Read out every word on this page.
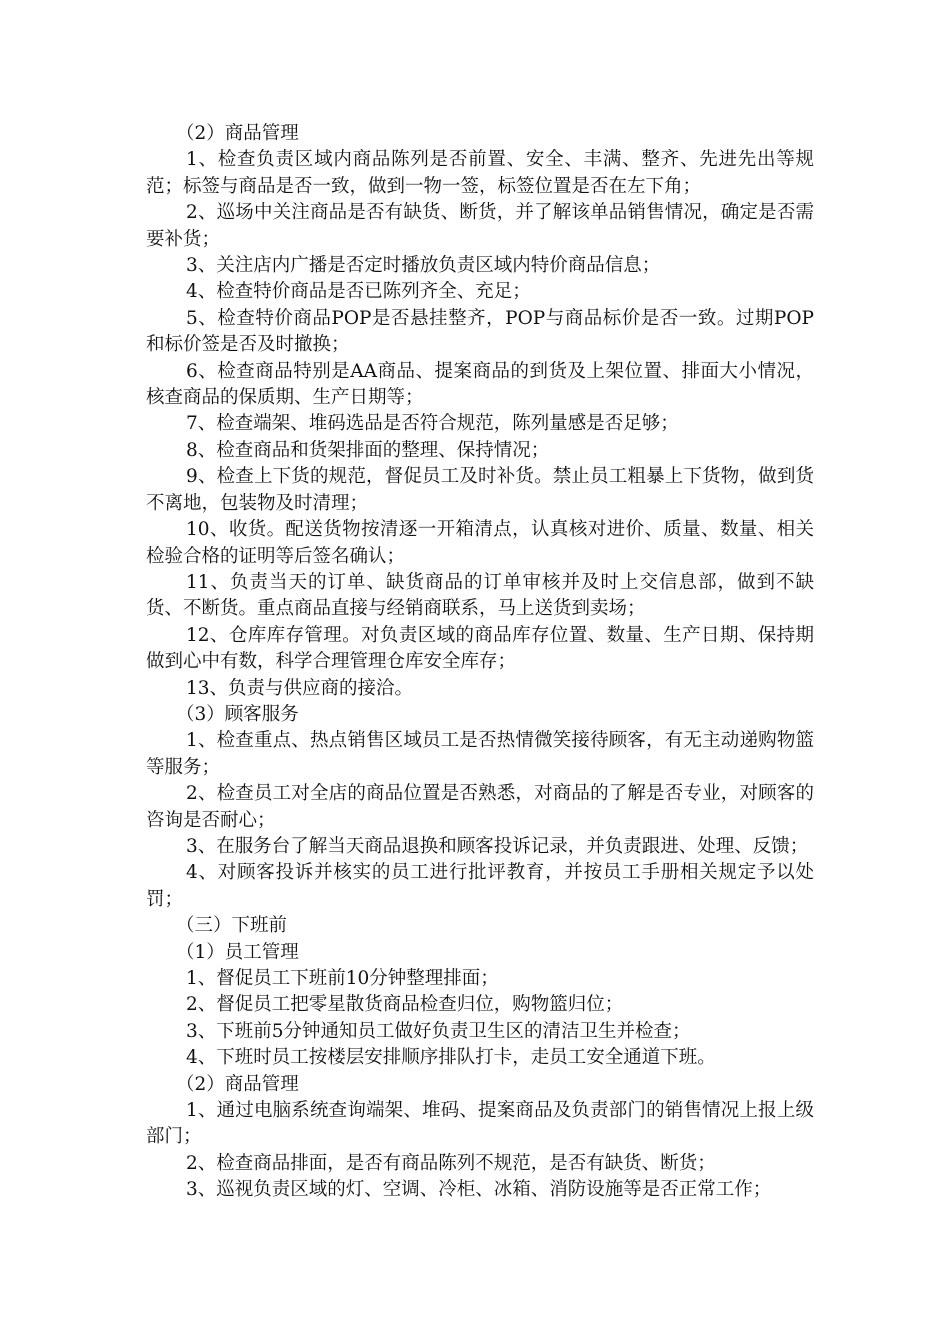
（2）商品管理

1、检查负责区域内商品陈列是否前置、安全、丰满、整齐、先进先出等规范；标签与商品是否一致，做到一物一签，标签位置是否在左下角；

2、巡场中关注商品是否有缺货、断货，并了解该单品销售情况，确定是否需要补货；

3、关注店内广播是否定时播放负责区域内特价商品信息；

4、检查特价商品是否已陈列齐全、充足；

5、检查特价商品POP是否悬挂整齐，POP与商品标价是否一致。过期POP和标价签是否及时撤换；

6、检查商品特别是AA商品、提案商品的到货及上架位置、排面大小情况，核查商品的保质期、生产日期等；

7、检查端架、堆码选品是否符合规范，陈列量感是否足够；

8、检查商品和货架排面的整理、保持情况；

9、检查上下货的规范，督促员工及时补货。禁止员工粗暴上下货物，做到货不离地，包装物及时清理；

10、收货。配送货物按清逐一开箱清点，认真核对进价、质量、数量、相关检验合格的证明等后签名确认；

11、负责当天的订单、缺货商品的订单审核并及时上交信息部，做到不缺货、不断货。重点商品直接与经销商联系，马上送货到卖场；

12、仓库库存管理。对负责区域的商品库存位置、数量、生产日期、保持期做到心中有数，科学合理管理仓库安全库存；

13、负责与供应商的接洽。

（3）顾客服务

1、检查重点、热点销售区域员工是否热情微笑接待顾客，有无主动递购物篮等服务；

2、检查员工对全店的商品位置是否熟悉，对商品的了解是否专业，对顾客的咨询是否耐心；

3、在服务台了解当天商品退换和顾客投诉记录，并负责跟进、处理、反馈；

4、对顾客投诉并核实的员工进行批评教育，并按员工手册相关规定予以处罚；

（三）下班前

（1）员工管理

1、督促员工下班前10分钟整理排面；

2、督促员工把零星散货商品检查归位，购物篮归位；

3、下班前5分钟通知员工做好负责卫生区的清洁卫生并检查；

4、下班时员工按楼层安排顺序排队打卡，走员工安全通道下班。

（2）商品管理

1、通过电脑系统查询端架、堆码、提案商品及负责部门的销售情况上报上级部门；

2、检查商品排面，是否有商品陈列不规范，是否有缺货、断货；

3、巡视负责区域的灯、空调、冷柜、冰箱、消防设施等是否正常工作；
